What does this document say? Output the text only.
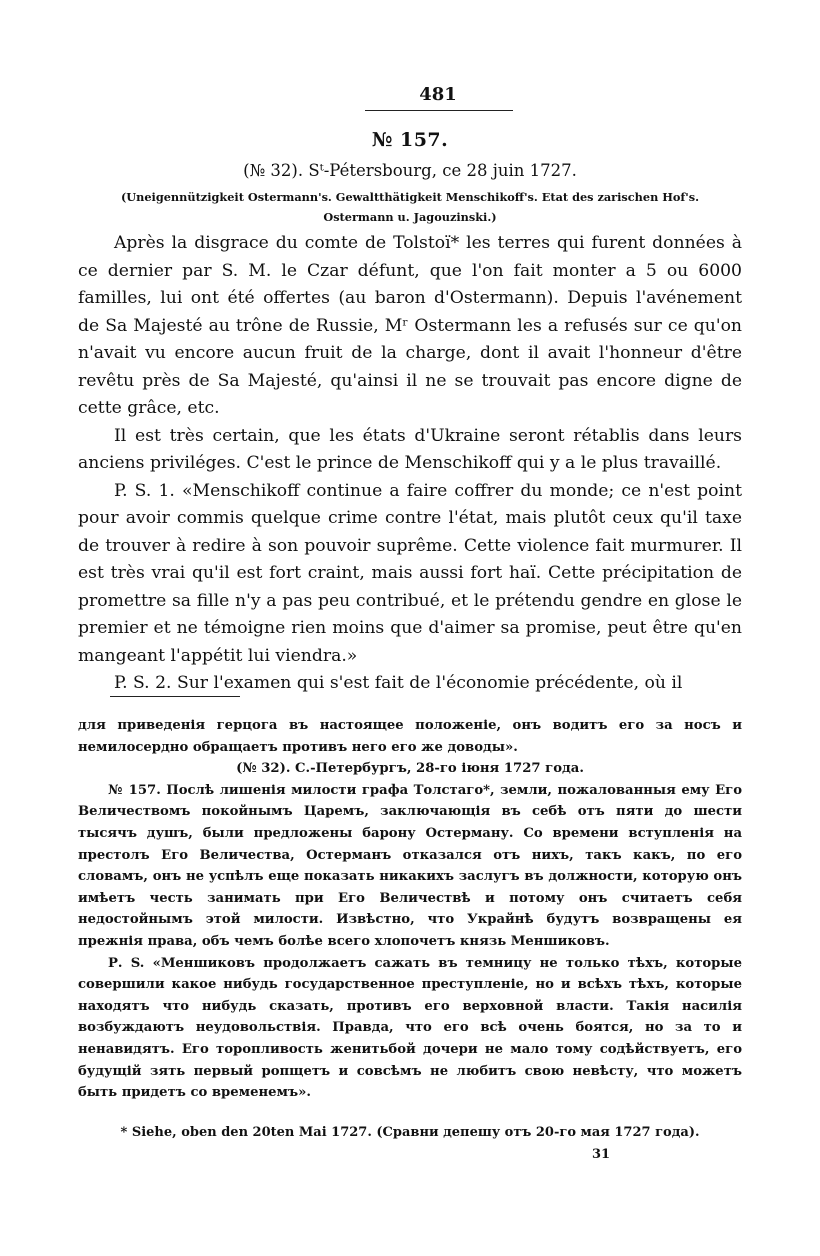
481
№ 157.
(№ 32). Sᵗ-Pétersbourg, ce 28 juin 1727.
(Uneigennützigkeit Ostermann's. Gewaltthätigkeit Menschikoff's. Etat des zarischen Hof's. Ostermann u. Jagouzinski.)

Après la disgrace du comte de Tolstoï* les terres qui furent données à ce dernier par S. M. le Czar défunt, que l'on fait monter a 5 ou 6000 familles, lui ont été offertes (au baron d'Ostermann). Depuis l'avénement de Sa Majesté au trône de Russie, Mʳ Ostermann les a refusés sur ce qu'on n'avait vu encore aucun fruit de la charge, dont il avait l'honneur d'être revêtu près de Sa Majesté, qu'ainsi il ne se trouvait pas encore digne de cette grâce, etc.

Il est très certain, que les états d'Ukraine seront rétablis dans leurs anciens priviléges. C'est le prince de Menschikoff qui y a le plus travaillé.

P. S. 1. «Menschikoff continue a faire coffrer du monde; ce n'est point pour avoir commis quelque crime contre l'état, mais plutôt ceux qu'il taxe de trouver à redire à son pouvoir suprême. Cette violence fait murmurer. Il est très vrai qu'il est fort craint, mais aussi fort haï. Cette précipitation de promettre sa fille n'y a pas peu contribué, et le prétendu gendre en glose le premier et ne témoigne rien moins que d'aimer sa promise, peut être qu'en mangeant l'appétit lui viendra.»

P. S. 2. Sur l'examen qui s'est fait de l'économie précédente, où il

для приведенія герцога въ настоящее положеніе, онъ водитъ его за носъ и немилосердно обращаетъ противъ него его же доводы».

(№ 32). С.-Петербургъ, 28-го іюня 1727 года.

№ 157. Послѣ лишенія милости графа Толстаго*, земли, пожалованныя ему Его Величествомъ покойнымъ Царемъ, заключающія въ себѣ отъ пяти до шести тысячъ душъ, были предложены барону Остерману. Со времени вступленія на престолъ Его Величества, Остерманъ отказался отъ нихъ, такъ какъ, по его словамъ, онъ не успѣлъ еще показать никакихъ заслугъ въ должности, которую онъ имѣетъ честь занимать при Его Величествѣ и потому онъ считаетъ себя недостойнымъ этой милости. Извѣстно, что Украйнѣ будутъ возвращены ея прежнія права, объ чемъ болѣе всего хлопочетъ князь Меншиковъ.

Р. S. «Меншиковъ продолжаетъ сажать въ темницу не только тѣхъ, которые совершили какое нибудь государственное преступленіе, но и всѣхъ тѣхъ, которые находятъ что нибудь сказать, противъ его верховной власти. Такія насилія возбуждаютъ неудовольствія. Правда, что его всѣ очень боятся, но за то и ненавидятъ. Его торопливость женитьбой дочери не мало тому содѣйствуетъ, его будущій зять первый ропщетъ и совсѣмъ не любитъ свою невѣсту, что можетъ быть придетъ со временемъ».

* Siehe, oben den 20ten Mai 1727. (Сравни депешу отъ 20-го мая 1727 года).
31
